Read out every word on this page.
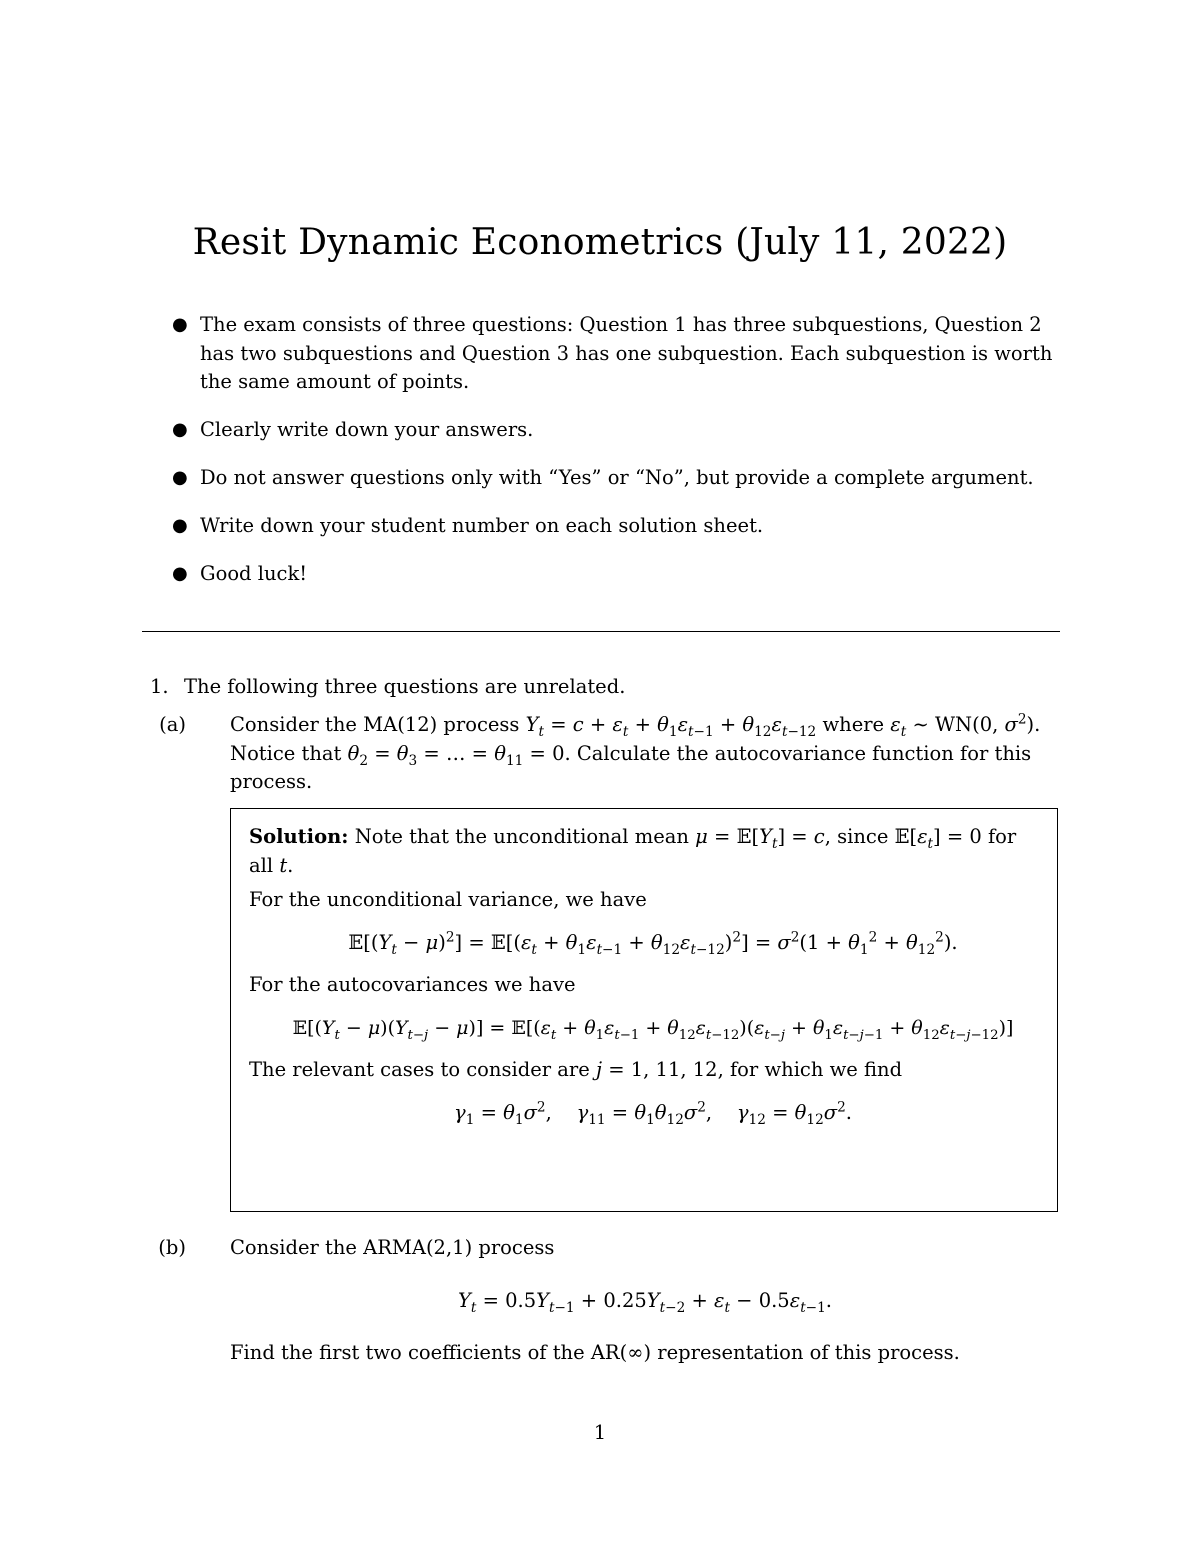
Resit Dynamic Econometrics (July 11, 2022)
● The exam consists of three questions: Question 1 has three subquestions, Question 2 has two subquestions and Question 3 has one subquestion. Each subquestion is worth the same amount of points.
● Clearly write down your answers.
● Do not answer questions only with “Yes” or “No”, but provide a complete argument.
● Write down your student number on each solution sheet.
● Good luck!
1. The following three questions are unrelated.
(a) Consider the MA(12) process $Y_t = c + \varepsilon_t + \theta_1\varepsilon_{t-1} + \theta_{12}\varepsilon_{t-12}$ where $\varepsilon_t$ ∼ WN(0, $\sigma^2$).
Notice that $\theta_2 = \theta_3$ = … = $\theta_{11} = 0$. Calculate the autocovariance function for this
process.

Solution: Note that the unconditional mean $\mu = 𝔼[Y_t] = c$, since $𝔼[\varepsilon_t] = 0$ for

all t.

For the unconditional variance, we have

$𝔼[(Y_t - \mu)^2]$ = $𝔼[(\varepsilon_t + \theta_1\varepsilon_{t-1} + \theta_{12}\varepsilon_{t-12})^2] = \sigma^2(1 + \theta_1^2 + \theta_{12}^2)$.

For the autocovariances we have

$𝔼[(Y_t - \mu)(Y_{t-j} - \mu)]$ = $𝔼[(\varepsilon_t + \theta_1\varepsilon_{t-1} + \theta_{12}\varepsilon_{t-12})(\varepsilon_{t-j} + \theta_1\varepsilon_{t-j-1} + \theta_{12}\varepsilon_{t-j-12})]$

The relevant cases to consider are j = 1, 11, 12, for which we find

$\gamma_1 = \theta_1\sigma^2$,    $\gamma_{11} = \theta_1\theta_{12}\sigma^2$,    $\gamma_{12} = \theta_{12}\sigma^2$.

(b) Consider the ARMA(2,1) process

$Y_t = 0.5Y_{t-1} + 0.25Y_{t-2} + \varepsilon_t - 0.5\varepsilon_{t-1}$.

Find the first two coefficients of the AR(∞) representation of this process.
1
